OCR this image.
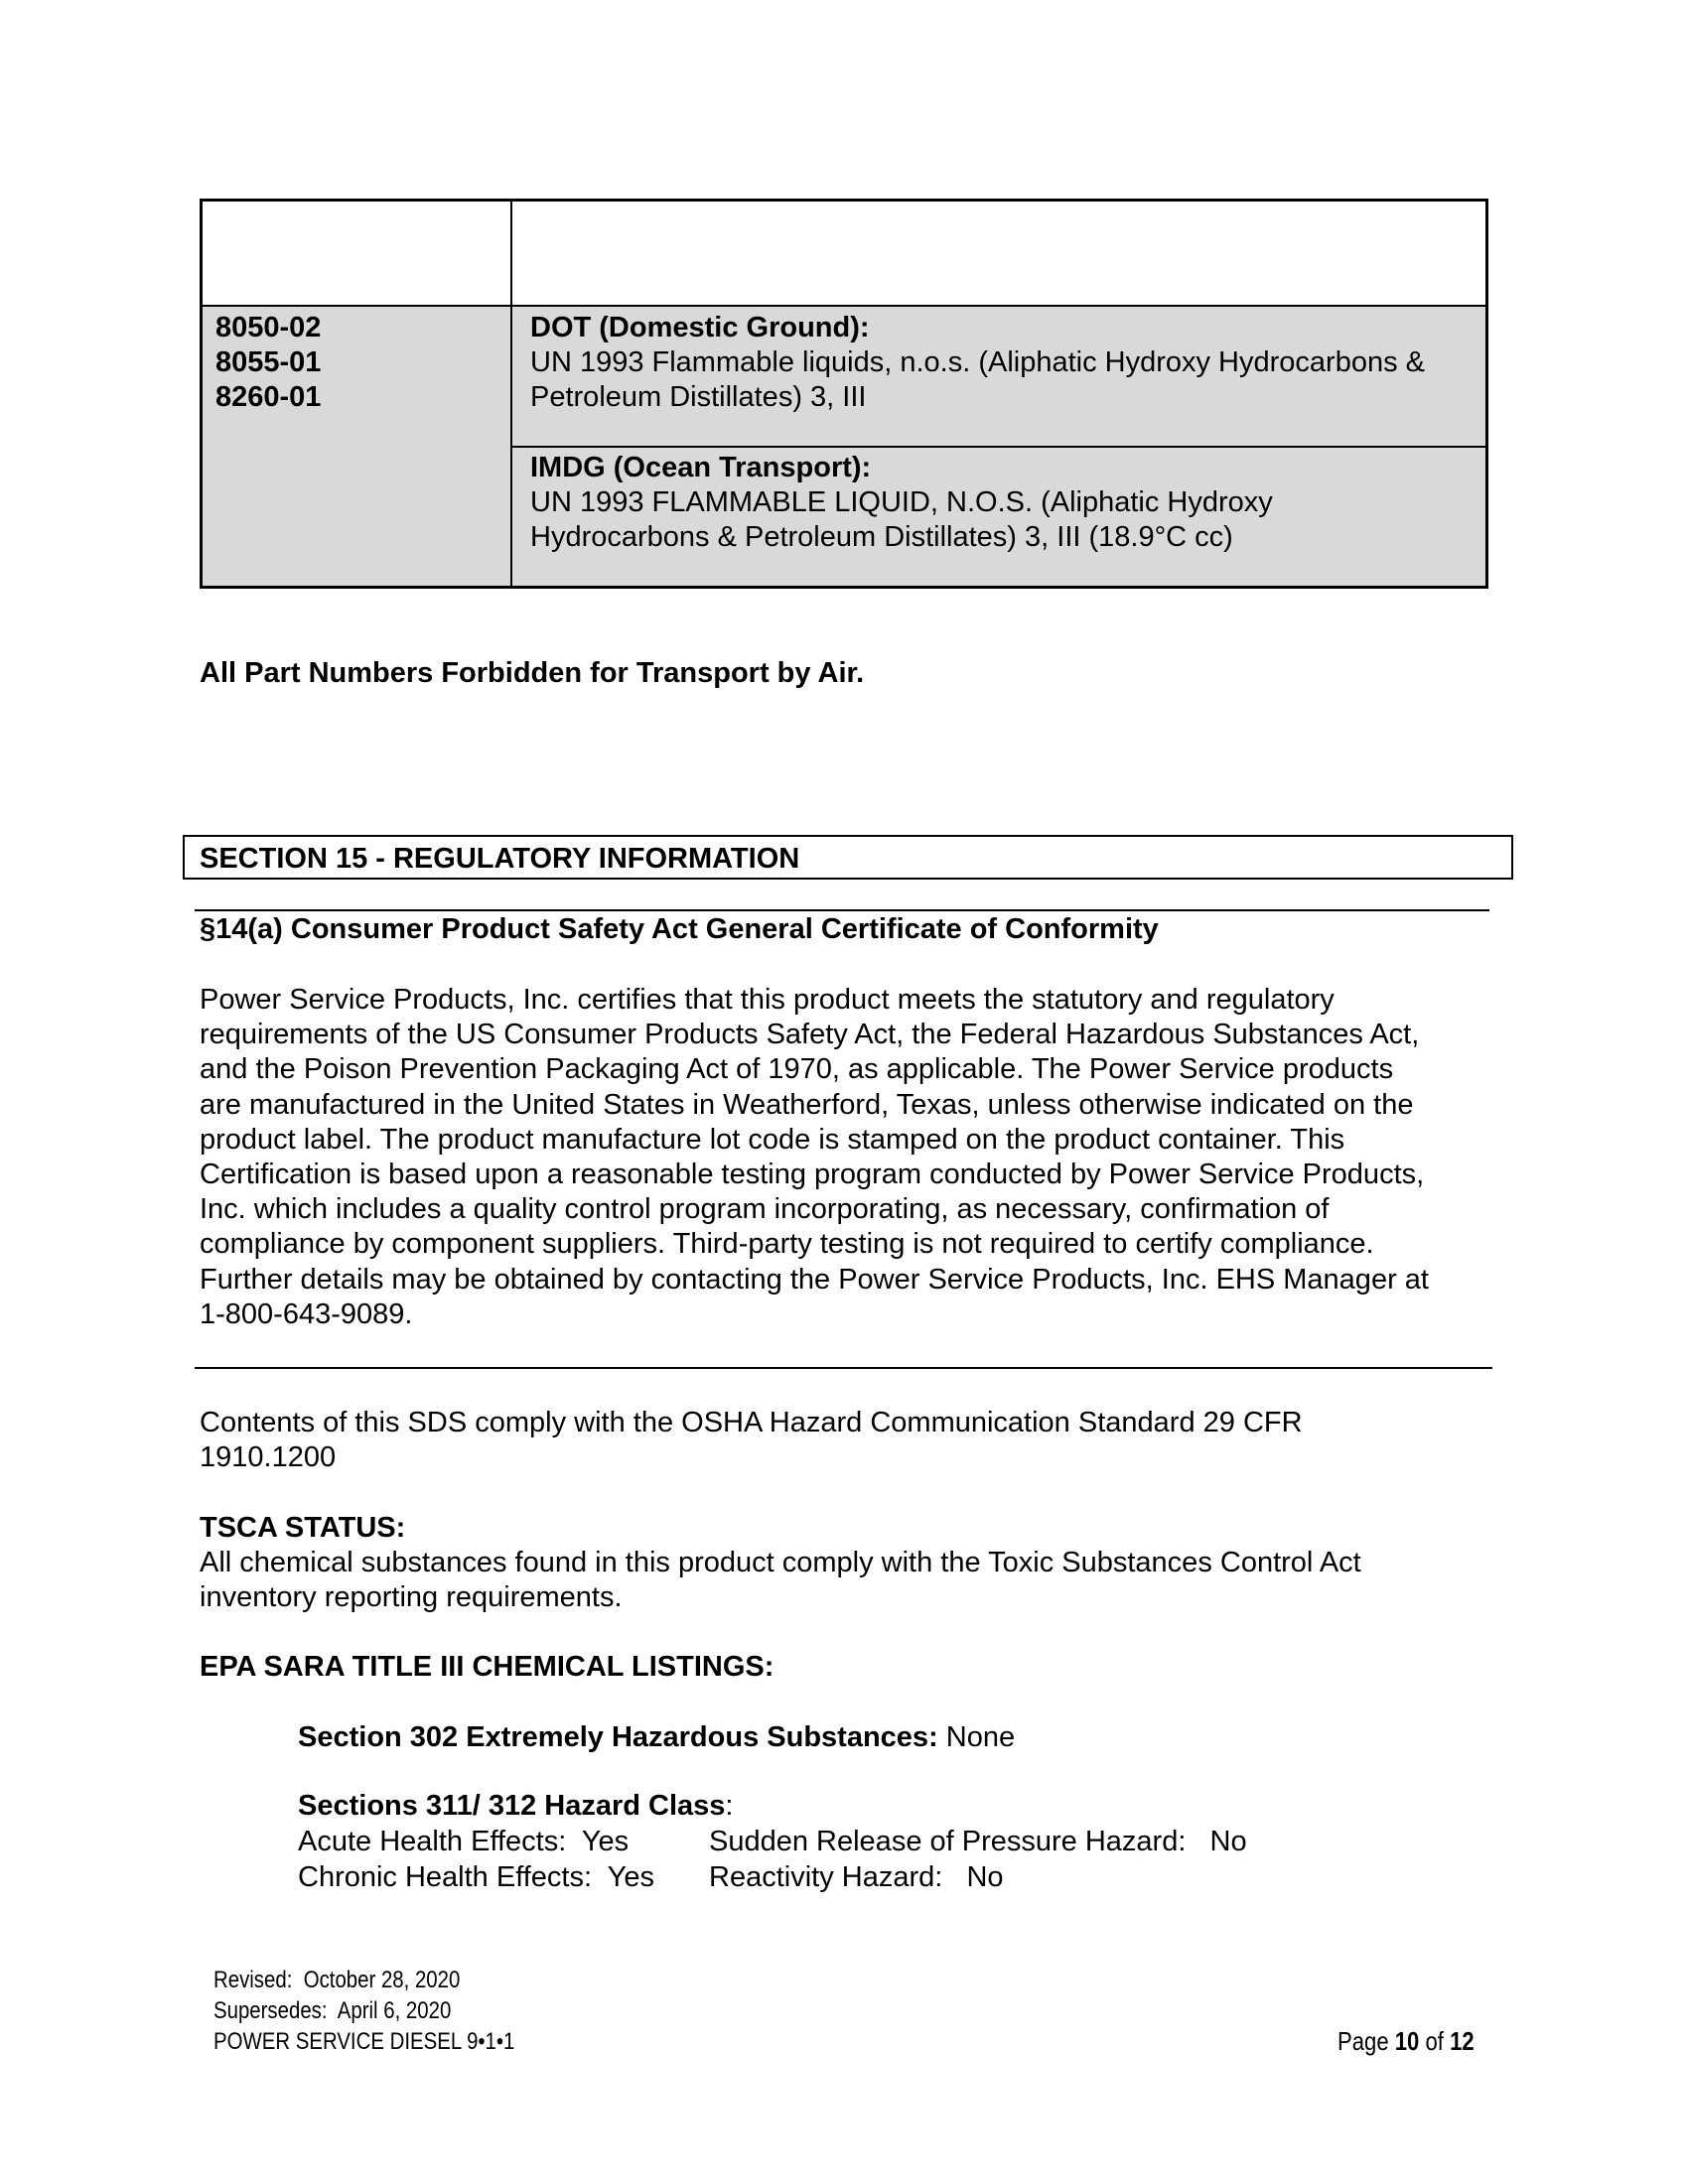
8050-02
8055-01
8260-01
DOT (Domestic Ground):
UN 1993 Flammable liquids, n.o.s. (Aliphatic Hydroxy Hydrocarbons &
Petroleum Distillates) 3, III
IMDG (Ocean Transport):
UN 1993 FLAMMABLE LIQUID, N.O.S. (Aliphatic Hydroxy
Hydrocarbons & Petroleum Distillates) 3, III (18.9°C cc)
All Part Numbers Forbidden for Transport by Air.
SECTION 15 - REGULATORY INFORMATION
§14(a) Consumer Product Safety Act General Certificate of Conformity
Power Service Products, Inc. certifies that this product meets the statutory and regulatory
requirements of the US Consumer Products Safety Act, the Federal Hazardous Substances Act,
and the Poison Prevention Packaging Act of 1970, as applicable. The Power Service products
are manufactured in the United States in Weatherford, Texas, unless otherwise indicated on the
product label. The product manufacture lot code is stamped on the product container. This
Certification is based upon a reasonable testing program conducted by Power Service Products,
Inc. which includes a quality control program incorporating, as necessary, confirmation of
compliance by component suppliers. Third-party testing is not required to certify compliance.
Further details may be obtained by contacting the Power Service Products, Inc. EHS Manager at
1-800-643-9089.
Contents of this SDS comply with the OSHA Hazard Communication Standard 29 CFR
1910.1200
TSCA STATUS:
All chemical substances found in this product comply with the Toxic Substances Control Act
inventory reporting requirements.
EPA SARA TITLE III CHEMICAL LISTINGS:
Section 302 Extremely Hazardous Substances: None
Sections 311/ 312 Hazard Class:
Acute Health Effects:  Yes	Sudden Release of Pressure Hazard:   No
Chronic Health Effects:  Yes Reactivity Hazard:   No
Revised:  October 28, 2020
Supersedes:  April 6, 2020
POWER SERVICE DIESEL 9•1•1	Page 10 of 12
